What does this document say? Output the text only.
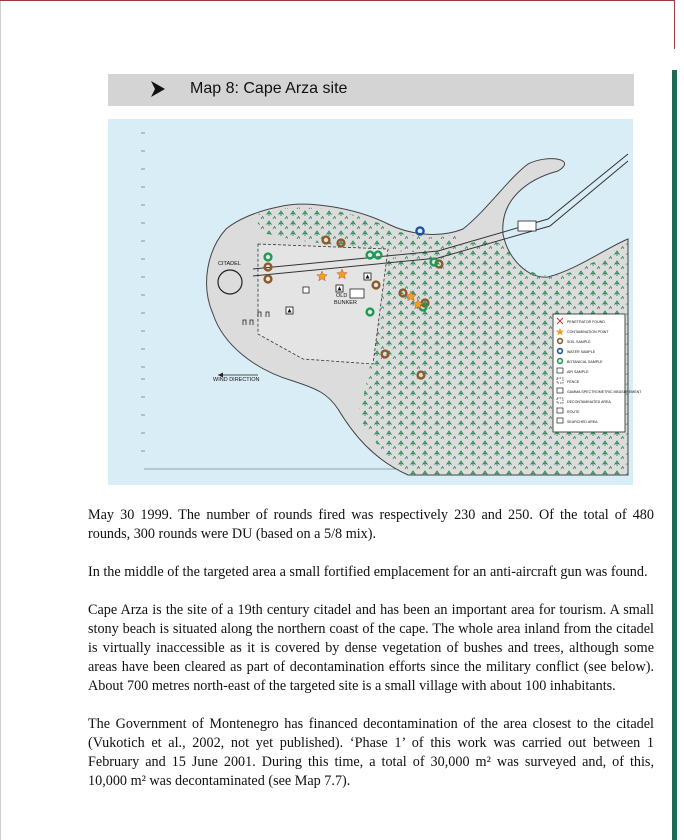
Map 8: Cape Arza site
CITADEL
OLD
BUNKER
WIND DIRECTION
PENETRATOR FOUND
CONTAMINATION POINT
SOIL SAMPLE
WATER SAMPLE
BOTANICAL SAMPLE
AIR SAMPLE
FENCE
GAMMA SPECTROMETRIC MEASUREMENT
DECONTAMINATED AREA
ROUTE
SEARCHED AREA

May 30 1999. The number of rounds fired was respectively 230 and 250. Of the total of 480 rounds, 300 rounds were DU (based on a 5/8 mix).

In the middle of the targeted area a small fortified emplacement for an anti-aircraft gun was found.

Cape Arza is the site of a 19th century citadel and has been an important area for tourism. A small stony beach is situated along the northern coast of the cape. The whole area inland from the citadel is virtually inaccessible as it is covered by dense vegetation of bushes and trees, although some areas have been cleared as part of decontamination efforts since the military conflict (see below). About 700 metres north-east of the targeted site is a small village with about 100 inhabitants.

The Government of Montenegro has financed decontamination of the area closest to the citadel (Vukotich et al., 2002, not yet published). ‘Phase 1’ of this work was carried out between 1 February and 15 June 2001. During this time, a total of 30,000 m² was surveyed and, of this, 10,000 m² was decontaminated (see Map 7.7).
